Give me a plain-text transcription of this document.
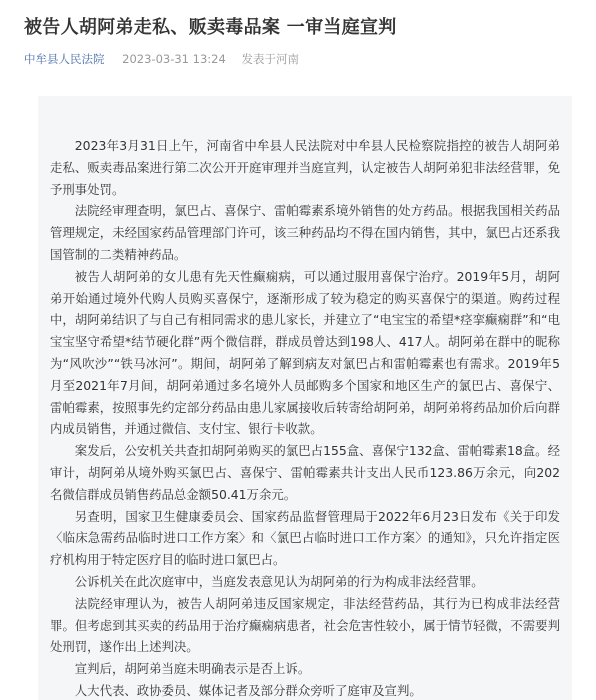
被告人胡阿弟走私、贩卖毒品案 一审当庭宣判
中牟县人民法院 2023-03-31 13:24 发表于河南

2023年3月31日上午，河南省中牟县人民法院对中牟县人民检察院指控的被告人胡阿弟走私、贩卖毒品案进行第二次公开开庭审理并当庭宣判，认定被告人胡阿弟犯非法经营罪，免予刑事处罚。

法院经审理查明，氯巴占、喜保宁、雷帕霉素系境外销售的处方药品。根据我国相关药品管理规定，未经国家药品管理部门许可，该三种药品均不得在国内销售，其中，氯巴占还系我国管制的二类精神药品。

被告人胡阿弟的女儿患有先天性癫痫病，可以通过服用喜保宁治疗。2019年5月，胡阿弟开始通过境外代购人员购买喜保宁，逐渐形成了较为稳定的购买喜保宁的渠道。购药过程中，胡阿弟结识了与自己有相同需求的患儿家长，并建立了“电宝宝的希望*痉挛癫痫群”和“电宝宝坚守希望*结节硬化群”两个微信群，群成员曾达到198人、417人。胡阿弟在群中的昵称为“风吹沙”“铁马冰河”。期间，胡阿弟了解到病友对氯巴占和雷帕霉素也有需求。2019年5月至2021年7月间，胡阿弟通过多名境外人员邮购多个国家和地区生产的氯巴占、喜保宁、雷帕霉素，按照事先约定部分药品由患儿家属接收后转寄给胡阿弟，胡阿弟将药品加价后向群内成员销售，并通过微信、支付宝、银行卡收款。

案发后，公安机关共查扣胡阿弟购买的氯巴占155盒、喜保宁132盒、雷帕霉素18盒。经审计，胡阿弟从境外购买氯巴占、喜保宁、雷帕霉素共计支出人民币123.86万余元，向202名微信群成员销售药品总金额50.41万余元。

另查明，国家卫生健康委员会、国家药品监督管理局于2022年6月23日发布《关于印发〈临床急需药品临时进口工作方案〉和〈氯巴占临时进口工作方案〉的通知》，只允许指定医疗机构用于特定医疗目的临时进口氯巴占。

公诉机关在此次庭审中，当庭发表意见认为胡阿弟的行为构成非法经营罪。

法院经审理认为，被告人胡阿弟违反国家规定，非法经营药品，其行为已构成非法经营罪。但考虑到其买卖的药品用于治疗癫痫病患者，社会危害性较小，属于情节轻微，不需要判处刑罚，遂作出上述判决。

宣判后，胡阿弟当庭未明确表示是否上诉。

人大代表、政协委员、媒体记者及部分群众旁听了庭审及宣判。
